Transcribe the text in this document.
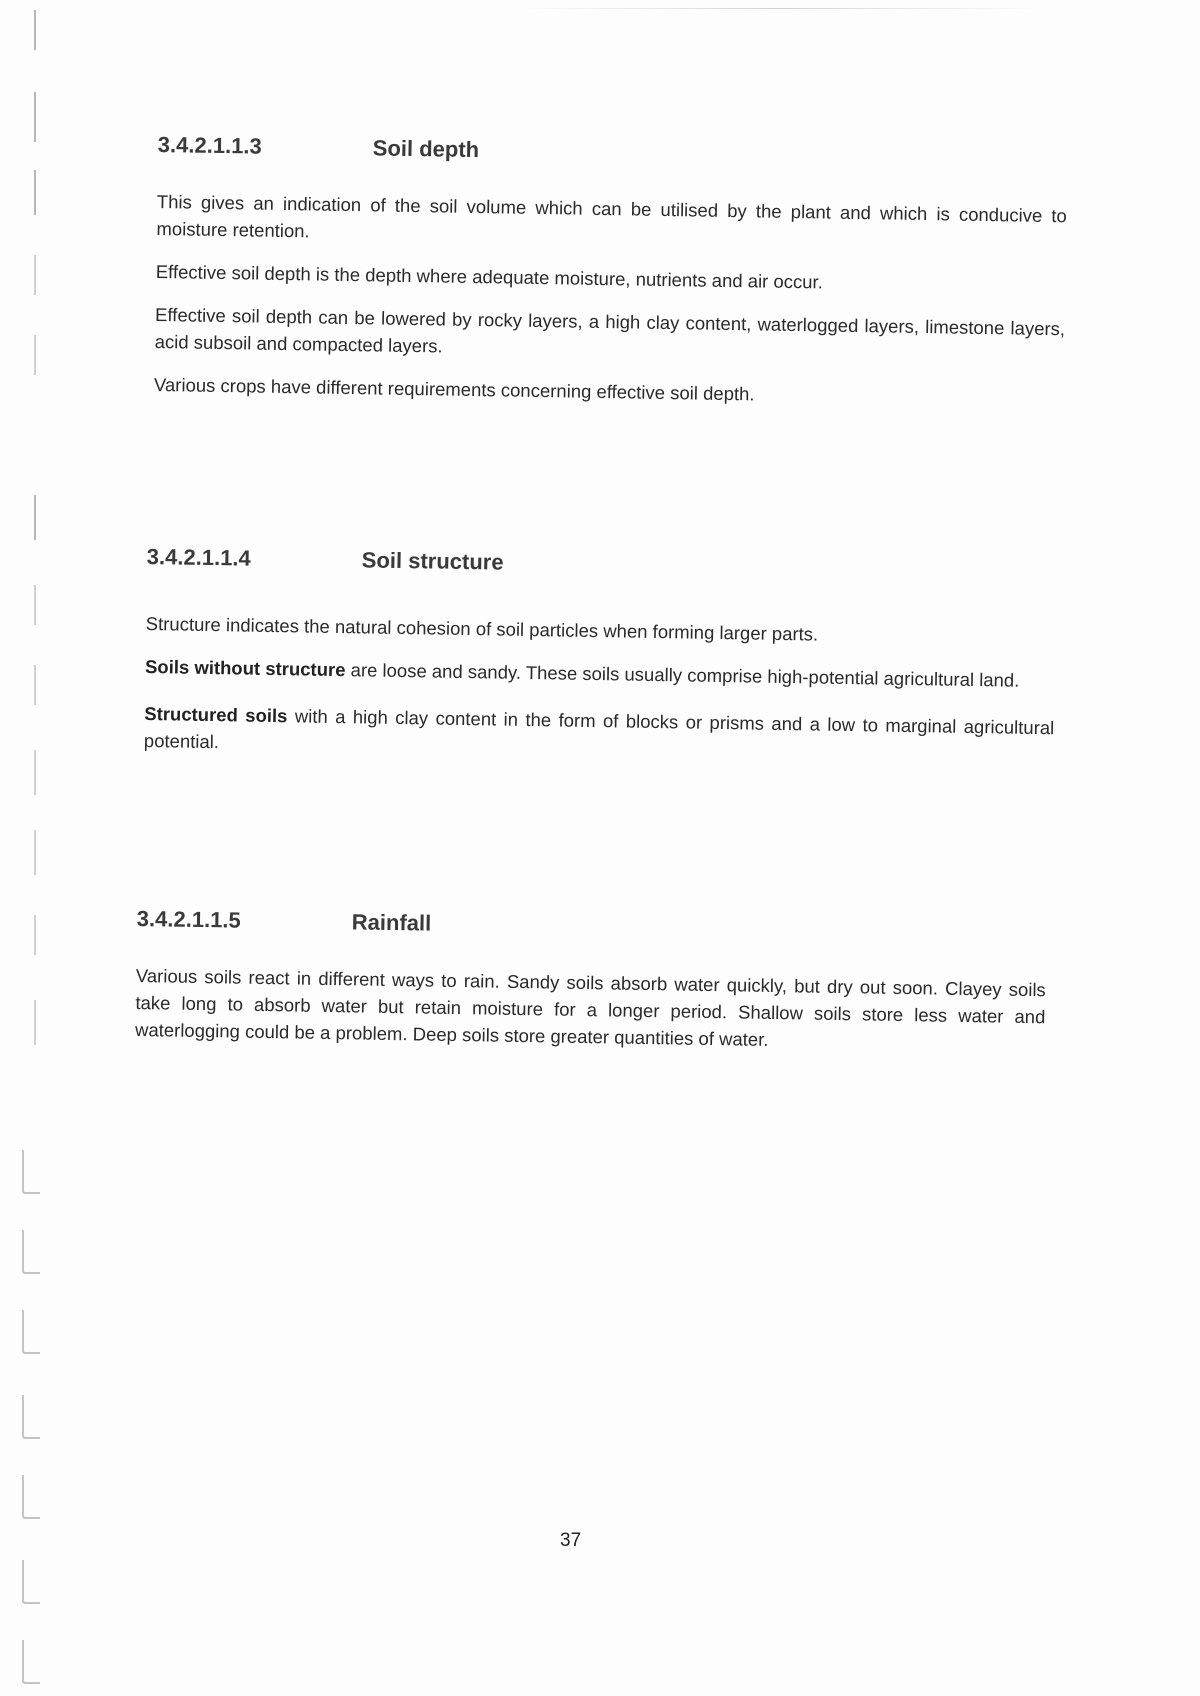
3.4.2.1.1.3	Soil depth

This gives an indication of the soil volume which can be utilised by the plant and which is conducive to moisture retention.

Effective soil depth is the depth where adequate moisture, nutrients and air occur.

Effective soil depth can be lowered by rocky layers, a high clay content, waterlogged layers, limestone layers, acid subsoil and compacted layers.

Various crops have different requirements concerning effective soil depth.

3.4.2.1.1.4	Soil structure

Structure indicates the natural cohesion of soil particles when forming larger parts.

Soils without structure are loose and sandy. These soils usually comprise high-potential agricultural land.

Structured soils with a high clay content in the form of blocks or prisms and a low to marginal agricultural potential.

3.4.2.1.1.5	Rainfall

Various soils react in different ways to rain. Sandy soils absorb water quickly, but dry out soon. Clayey soils take long to absorb water but retain moisture for a longer period. Shallow soils store less water and waterlogging could be a problem. Deep soils store greater quantities of water.

37
